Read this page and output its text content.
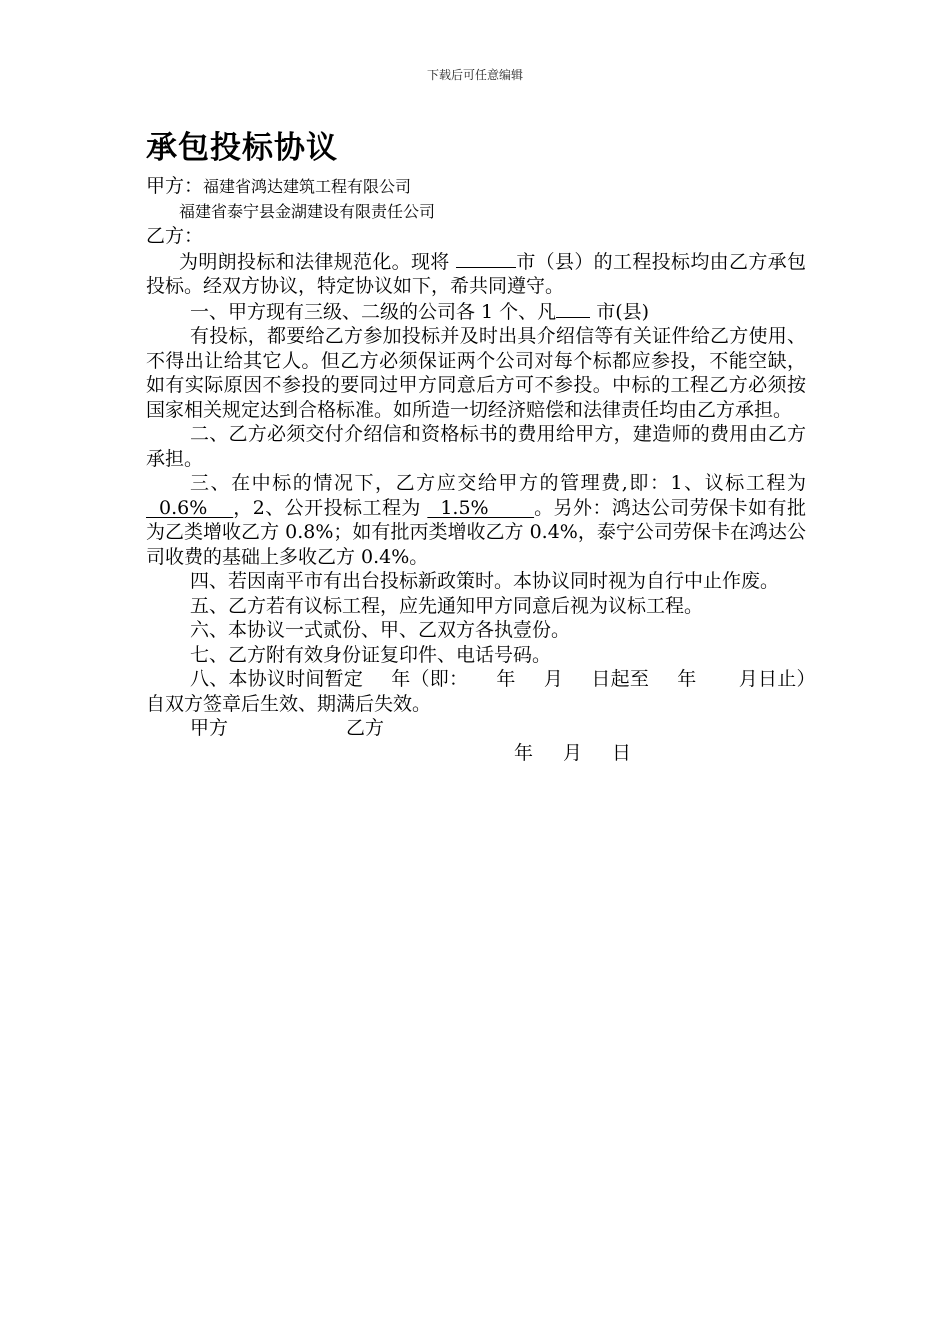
下载后可任意编辑
承包投标协议

甲方：福建省鸿达建筑工程有限公司

福建省泰宁县金湖建设有限责任公司

乙方：

为明朗投标和法律规范化。现将	市（县）的工程投标均由乙方承包投标。经双方协议，特定协议如下，希共同遵守。

一、甲方现有三级、二级的公司各 1 个、凡 市(县)

有投标，都要给乙方参加投标并及时出具介绍信等有关证件给乙方使用、不得出让给其它人。但乙方必须保证两个公司对每个标都应参投，不能空缺，如有实际原因不参投的要同过甲方同意后方可不参投。中标的工程乙方必须按国家相关规定达到合格标准。如所造一切经济赔偿和法律责任均由乙方承担。

二、乙方必须交付介绍信和资格标书的费用给甲方，建造师的费用由乙方承担。

三、在中标的情况下，乙方应交给甲方的管理费,即：1、议标工程为  0.6%    ，2、公开投标工程为   1.5%       。另外：鸿达公司劳保卡如有批为乙类增收乙方 0.8%；如有批丙类增收乙方 0.4%，泰宁公司劳保卡在鸿达公司收费的基础上多收乙方 0.4%。

四、若因南平市有出台投标新政策时。本协议同时视为自行中止作废。

五、乙方若有议标工程，应先通知甲方同意后视为议标工程。

六、本协议一式贰份、甲、乙双方各执壹份。

七、乙方附有效身份证复印件、电话号码。

八、本协议时间暂定 年（即： 年 月 日起至 年 月日止）自双方签章后生效、期满后失效。

甲方	乙方

年 月 日
